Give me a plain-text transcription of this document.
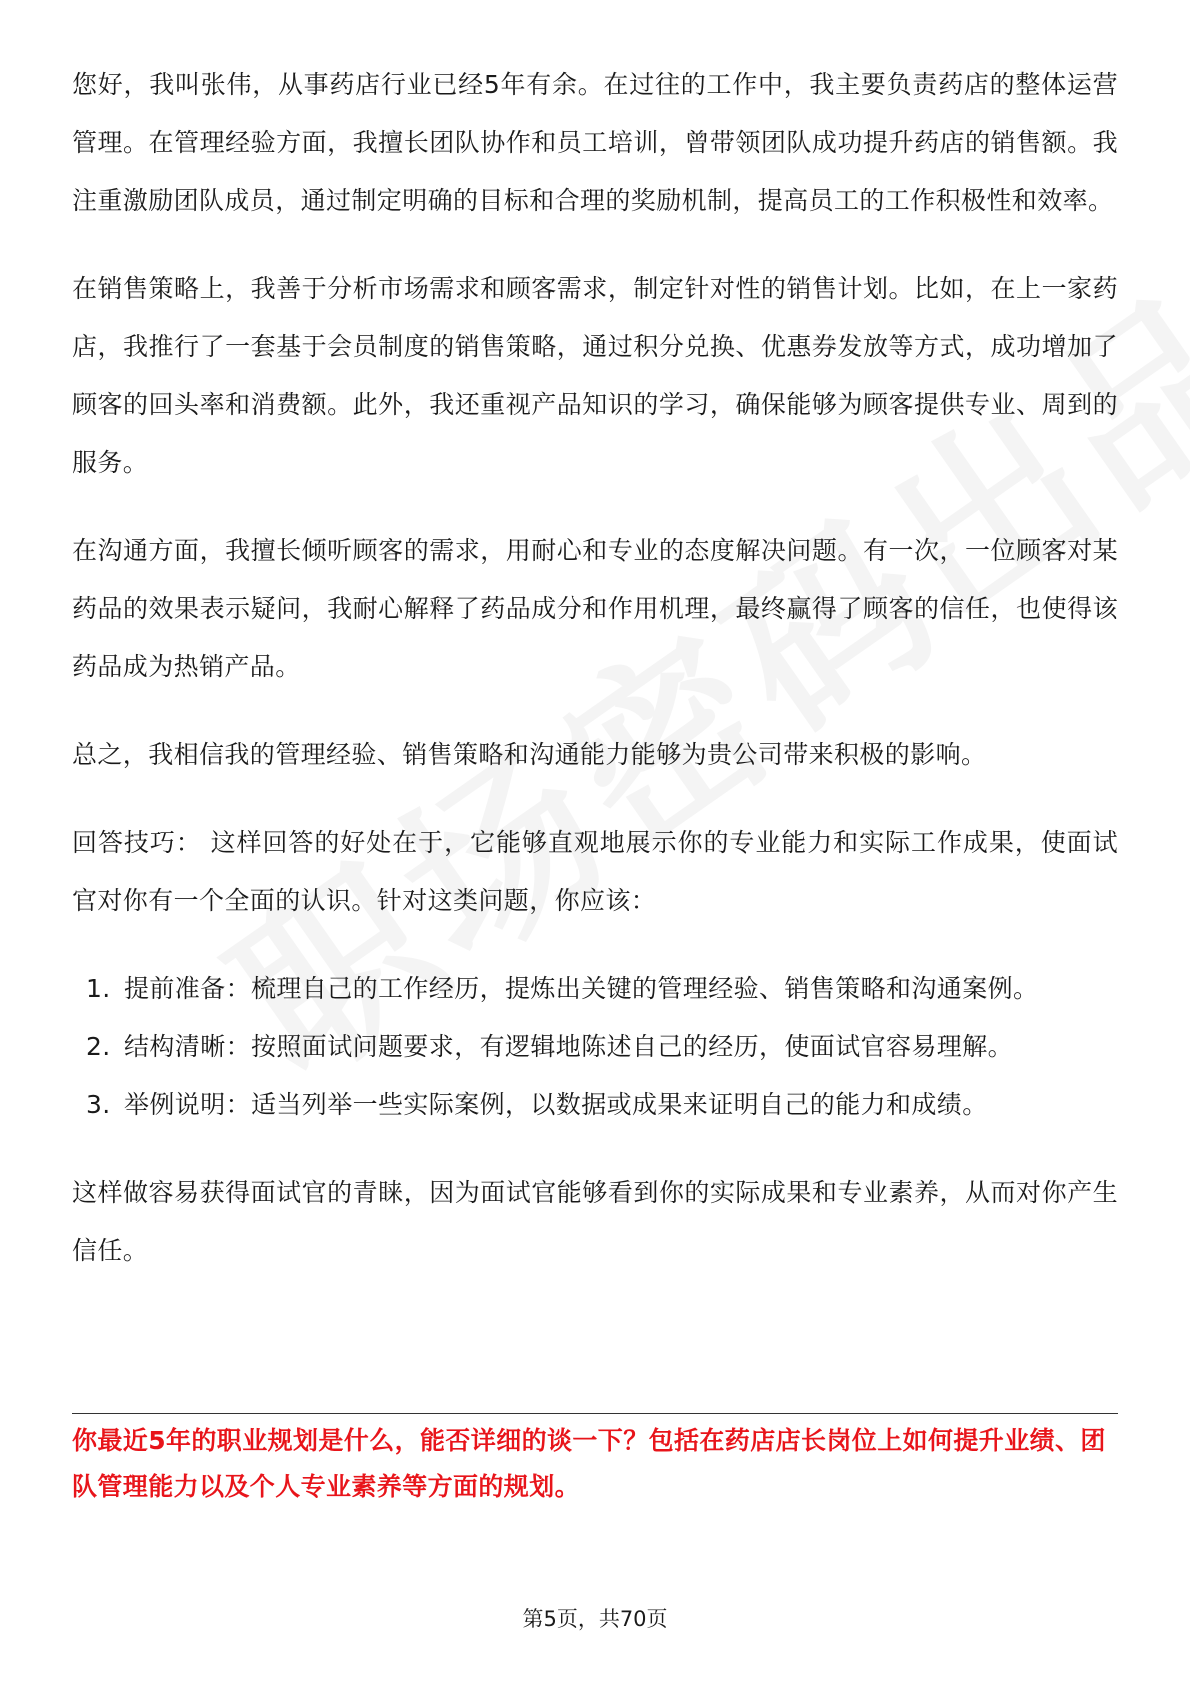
您好，我叫张伟，从事药店行业已经5年有余。在过往的工作中，我主要负责药店的整体运营管理。在管理经验方面，我擅长团队协作和员工培训，曾带领团队成功提升药店的销售额。我注重激励团队成员，通过制定明确的目标和合理的奖励机制，提高员工的工作积极性和效率。

在销售策略上，我善于分析市场需求和顾客需求，制定针对性的销售计划。比如，在上一家药店，我推行了一套基于会员制度的销售策略，通过积分兑换、优惠券发放等方式，成功增加了顾客的回头率和消费额。此外，我还重视产品知识的学习，确保能够为顾客提供专业、周到的服务。

在沟通方面，我擅长倾听顾客的需求，用耐心和专业的态度解决问题。有一次，一位顾客对某药品的效果表示疑问，我耐心解释了药品成分和作用机理，最终赢得了顾客的信任，也使得该药品成为热销产品。

总之，我相信我的管理经验、销售策略和沟通能力能够为贵公司带来积极的影响。

回答技巧： 这样回答的好处在于，它能够直观地展示你的专业能力和实际工作成果，使面试官对你有一个全面的认识。针对这类问题，你应该：

1. 提前准备：梳理自己的工作经历，提炼出关键的管理经验、销售策略和沟通案例。
2. 结构清晰：按照面试问题要求，有逻辑地陈述自己的经历，使面试官容易理解。
3. 举例说明：适当列举一些实际案例，以数据或成果来证明自己的能力和成绩。

这样做容易获得面试官的青睐，因为面试官能够看到你的实际成果和专业素养，从而对你产生信任。

你最近5年的职业规划是什么，能否详细的谈一下？包括在药店店长岗位上如何提升业绩、团队管理能力以及个人专业素养等方面的规划。
第5页，共70页
